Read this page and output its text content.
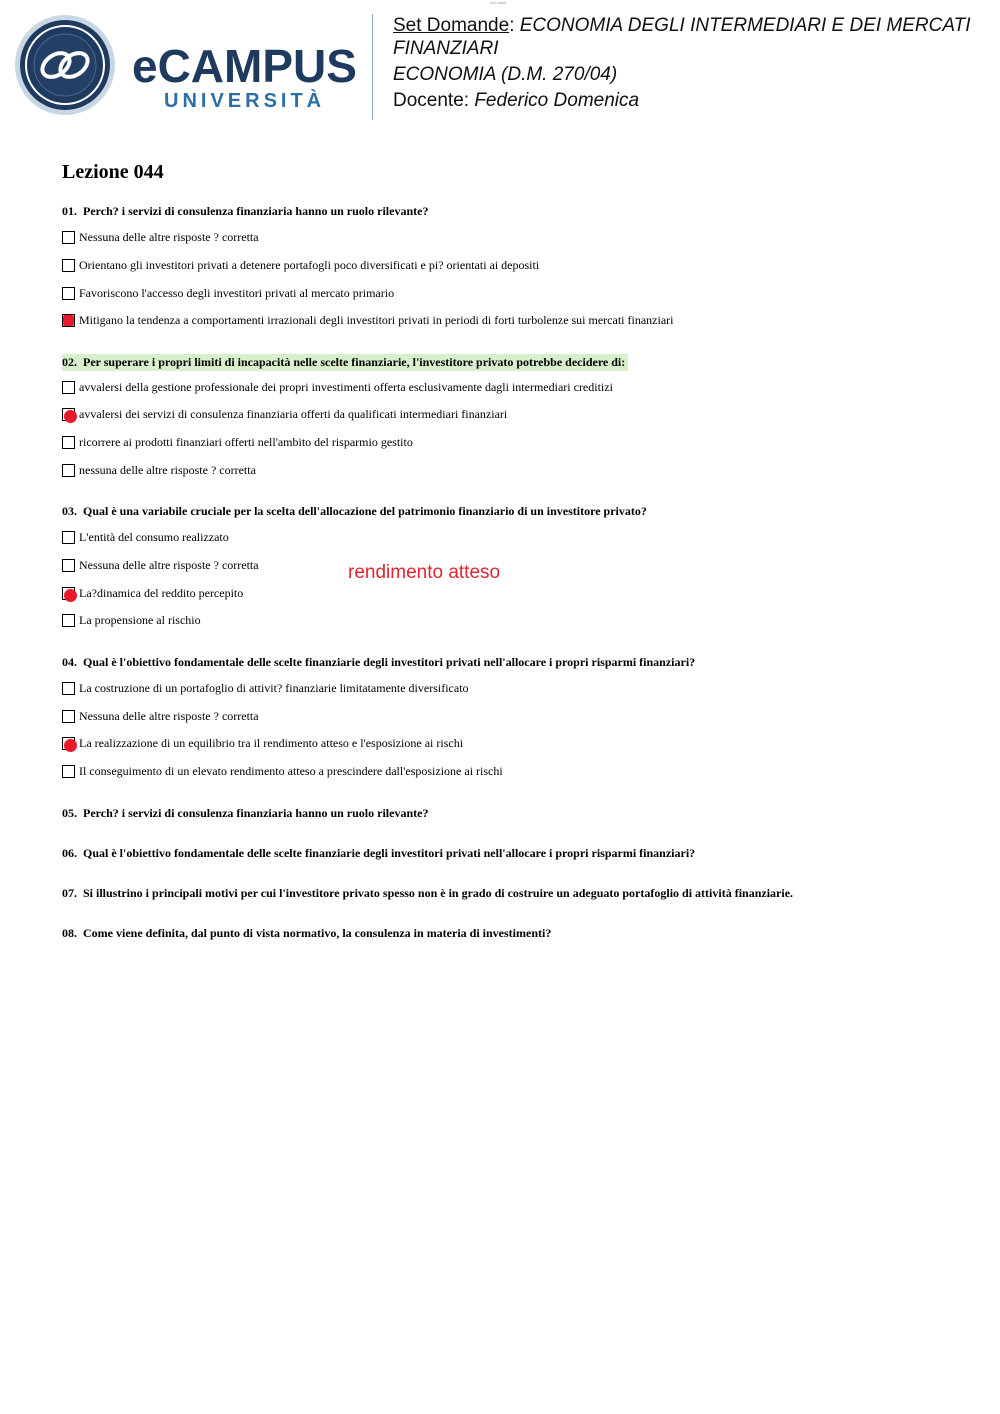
eee esse
eCAMPUS
UNIVERSITÀ

Set Domande: ECONOMIA DEGLI INTERMEDIARI E DEI MERCATI FINANZIARI

ECONOMIA (D.M. 270/04)

Docente: Federico Domenica

Lezione 044
01. Perch? i servizi di consulenza finanziaria hanno un ruolo rilevante?
Nessuna delle altre risposte ? corretta
Orientano gli investitori privati a detenere portafogli poco diversificati e pi? orientati ai depositi
Favoriscono l'accesso degli investitori privati al mercato primario
Mitigano la tendenza a comportamenti irrazionali degli investitori privati in periodi di forti turbolenze sui mercati finanziari
02. Per superare i propri limiti di incapacità nelle scelte finanziarie, l'investitore privato potrebbe decidere di:
avvalersi della gestione professionale dei propri investimenti offerta esclusivamente dagli intermediari creditizi
avvalersi dei servizi di consulenza finanziaria offerti da qualificati intermediari finanziari
ricorrere ai prodotti finanziari offerti nell'ambito del risparmio gestito
nessuna delle altre risposte ? corretta
03. Qual è una variabile cruciale per la scelta dell'allocazione del patrimonio finanziario di un investitore privato?
L'entità del consumo realizzato
Nessuna delle altre risposte ? corretta
La?dinamica del reddito percepito
La propensione al rischio
04. Qual è l'obiettivo fondamentale delle scelte finanziarie degli investitori privati nell'allocare i propri risparmi finanziari?
La costruzione di un portafoglio di attivit? finanziarie limitatamente diversificato
Nessuna delle altre risposte ? corretta
La realizzazione di un equilibrio tra il rendimento atteso e l'esposizione ai rischi
Il conseguimento di un elevato rendimento atteso a prescindere dall'esposizione ai rischi
05. Perch? i servizi di consulenza finanziaria hanno un ruolo rilevante?
06. Qual è l'obiettivo fondamentale delle scelte finanziarie degli investitori privati nell'allocare i propri risparmi finanziari?
07. Si illustrino i principali motivi per cui l'investitore privato spesso non è in grado di costruire un adeguato portafoglio di attività finanziarie.
08. Come viene definita, dal punto di vista normativo, la consulenza in materia di investimenti?
rendimento atteso
